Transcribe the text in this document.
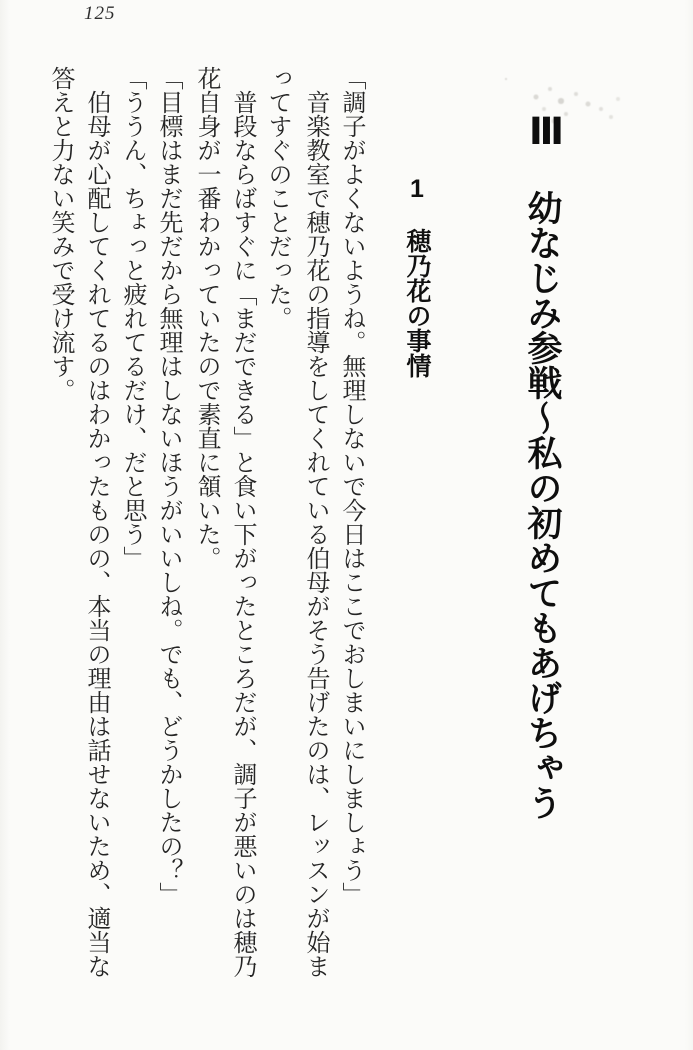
125
Ⅲ
幼なじみ参戦～私の初めてもあげちゃう
1　穂乃花の事情
「調子がよくないようね。無理しないで今日はここでおしまいにしましょう」
　音楽教室で穂乃花の指導をしてくれている伯母がそう告げたのは、レッスンが始ま
ってすぐのことだった。
　普段ならばすぐに「まだできる」と食い下がったところだが、調子が悪いのは穂乃
花自身が一番わかっていたので素直に頷いた。
「目標はまだ先だから無理はしないほうがいいしね。でも、どうかしたの？」
「ううん、ちょっと疲れてるだけ、だと思う」
　伯母が心配してくれてるのはわかったものの、本当の理由は話せないため、適当な
答えと力ない笑みで受け流す。
